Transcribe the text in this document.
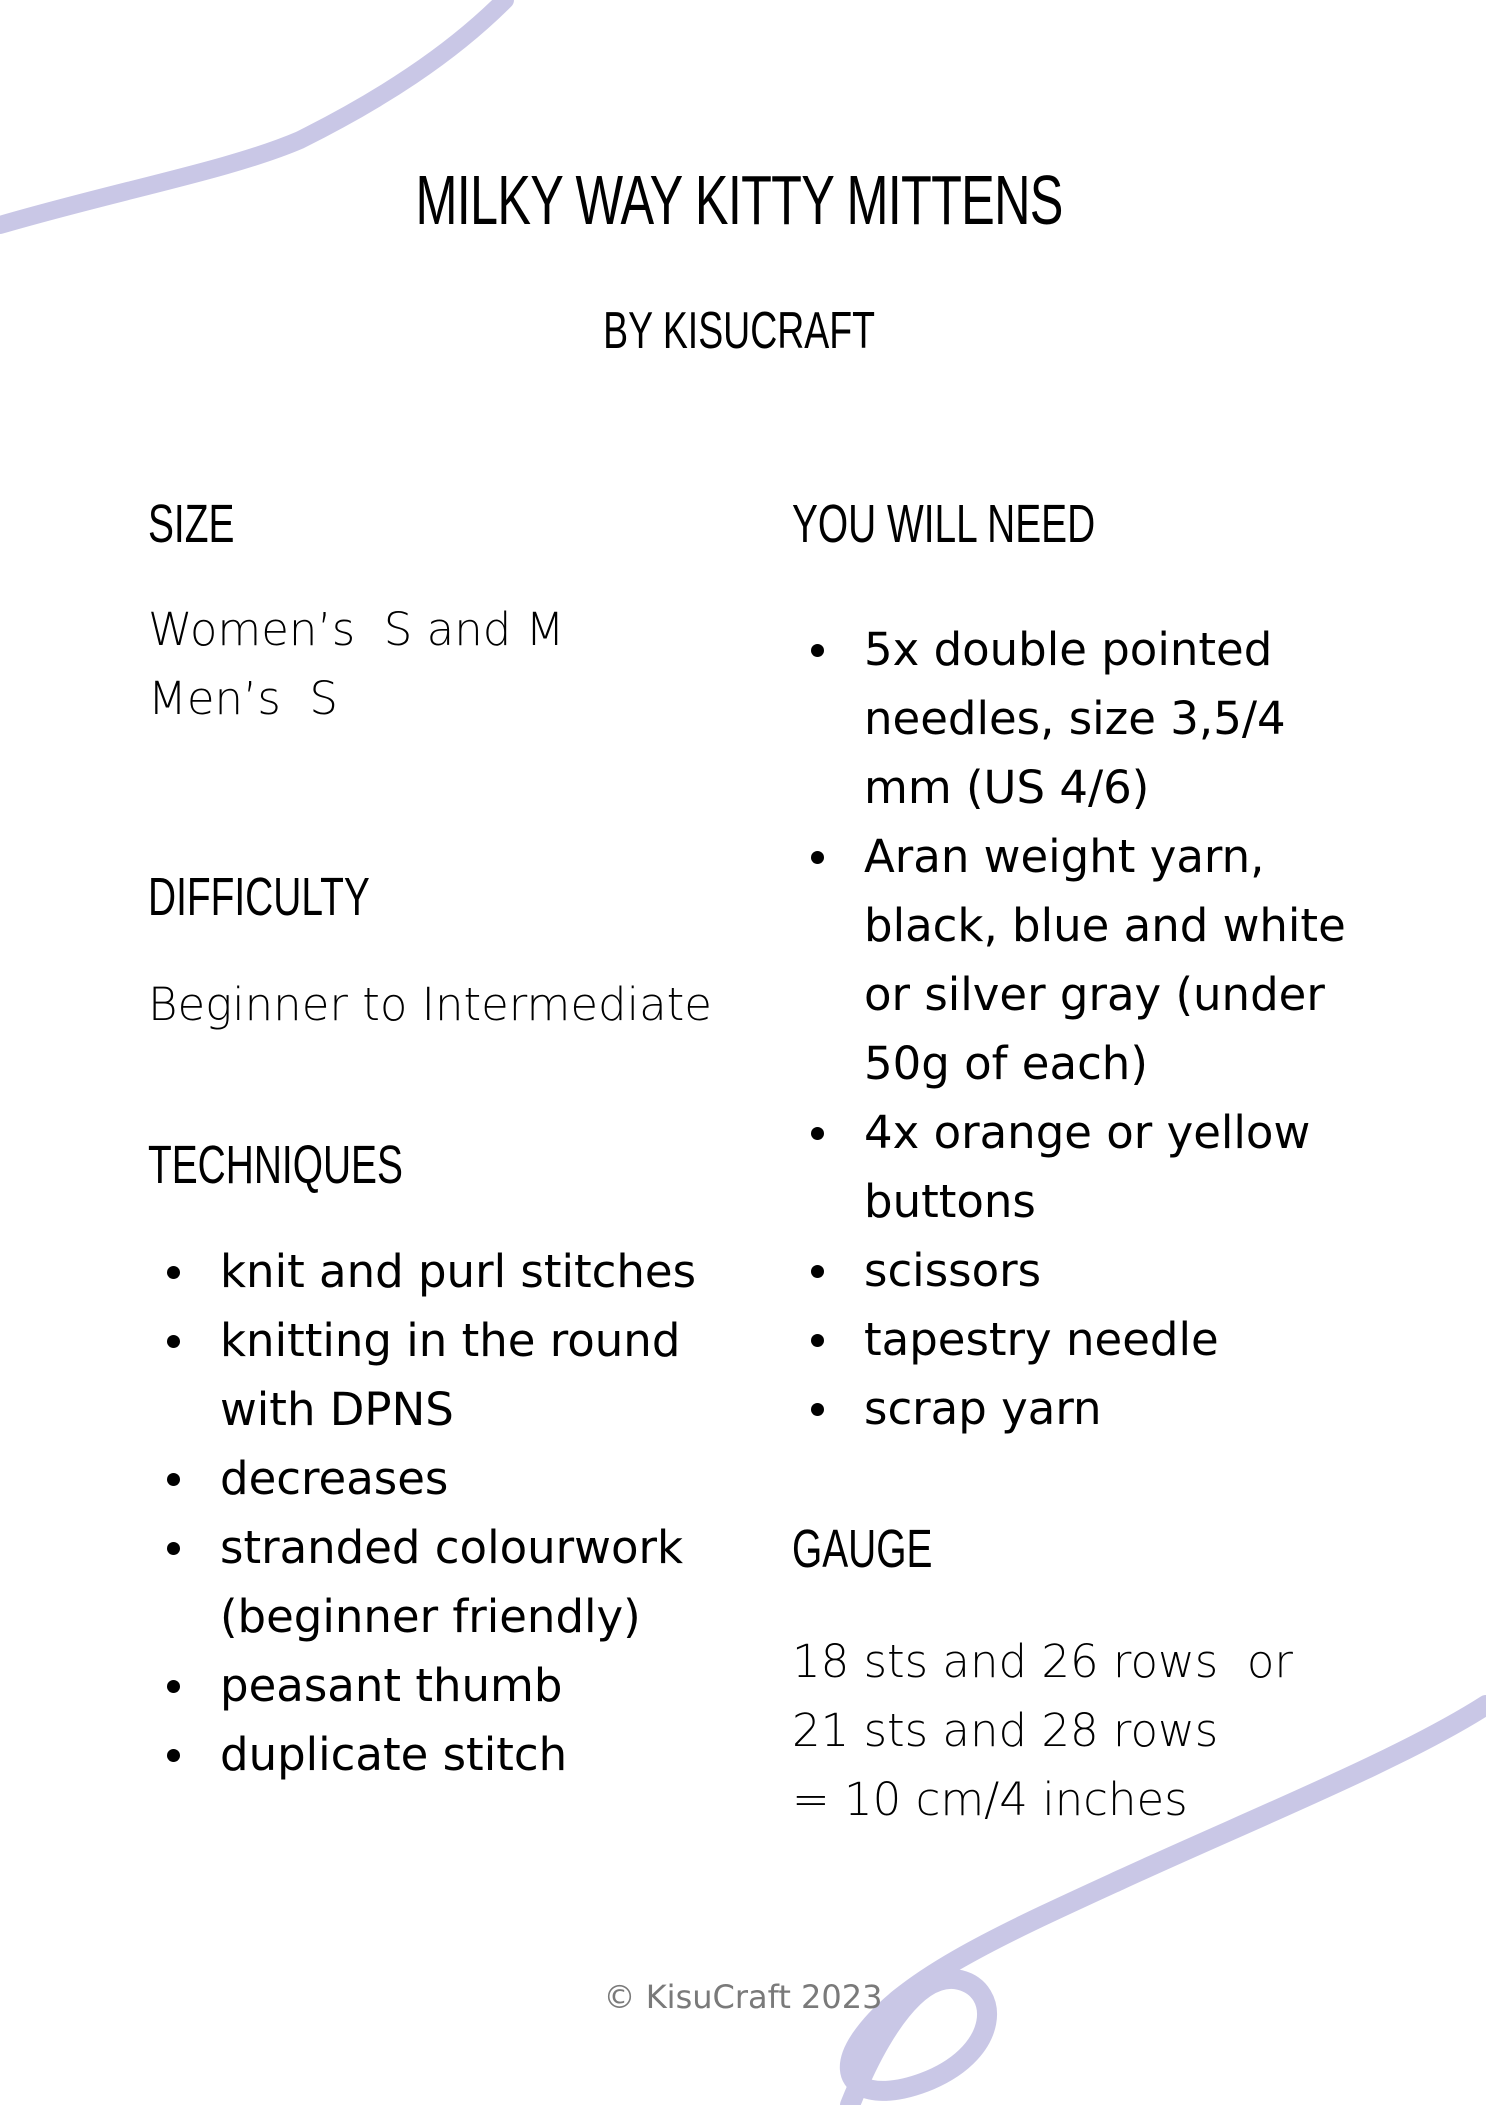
MILKY WAY KITTY MITTENS
BY KISUCRAFT
SIZE
Women’s  S and M
Men’s  S
DIFFICULTY
Beginner to Intermediate
TECHNIQUES
knit and purl stitches
knitting in the round with DPNS
decreases
stranded colourwork (beginner friendly)
peasant thumb
duplicate stitch
YOU WILL NEED
5x double pointed needles, size 3,5/4 mm (US 4/6)
Aran weight yarn, black, blue and white or silver gray (under 50g of each)
4x orange or yellow buttons
scissors
tapestry needle
scrap yarn
GAUGE
18 sts and 26 rows  or
21 sts and 28 rows
= 10 cm/4 inches
© KisuCraft 2023
